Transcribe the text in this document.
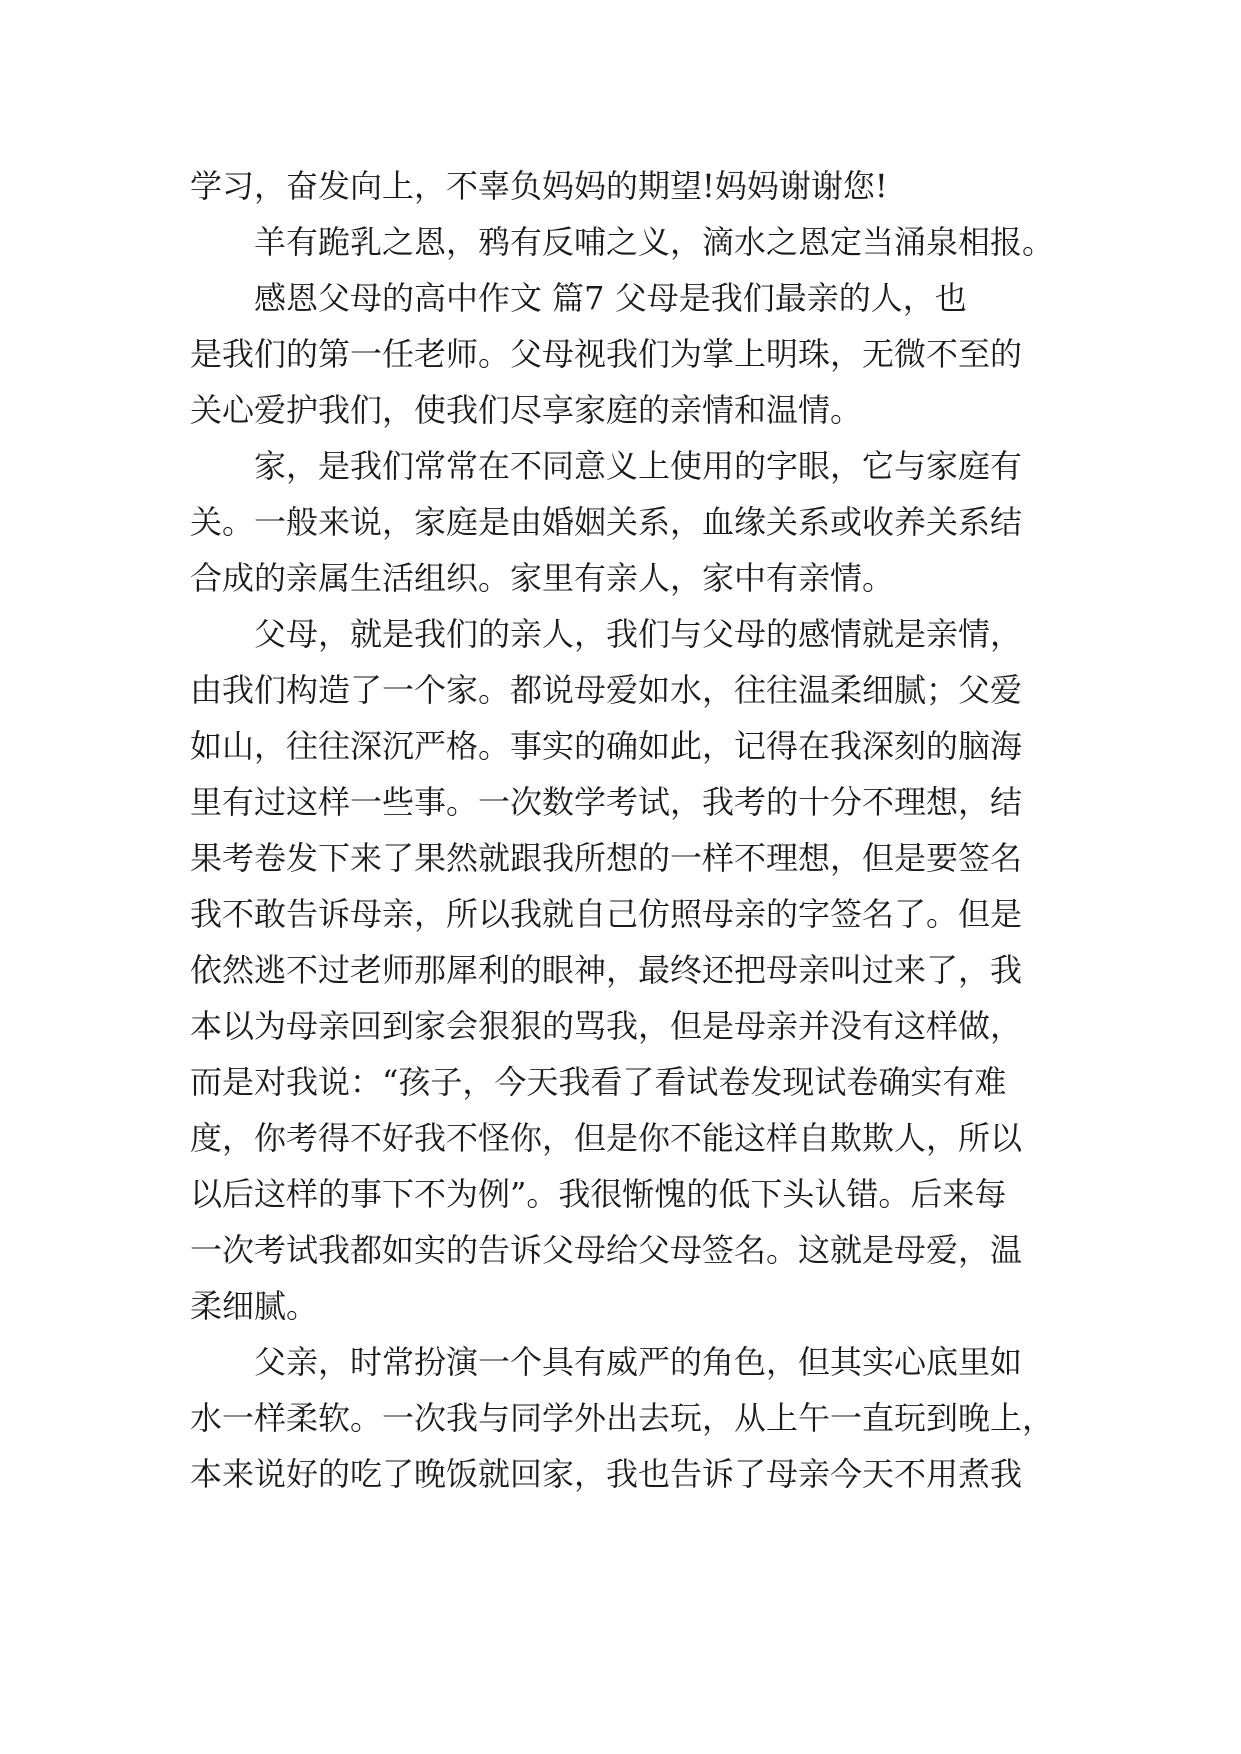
学习，奋发向上，不辜负妈妈的期望!妈妈谢谢您!
羊有跪乳之恩，鸦有反哺之义，滴水之恩定当涌泉相报。
感恩父母的高中作文 篇7 父母是我们最亲的人，也
是我们的第一任老师。父母视我们为掌上明珠，无微不至的
关心爱护我们，使我们尽享家庭的亲情和温情。
家，是我们常常在不同意义上使用的字眼，它与家庭有
关。一般来说，家庭是由婚姻关系，血缘关系或收养关系结
合成的亲属生活组织。家里有亲人，家中有亲情。
父母，就是我们的亲人，我们与父母的感情就是亲情，
由我们构造了一个家。都说母爱如水，往往温柔细腻；父爱
如山，往往深沉严格。事实的确如此，记得在我深刻的脑海
里有过这样一些事。一次数学考试，我考的十分不理想，结
果考卷发下来了果然就跟我所想的一样不理想，但是要签名
我不敢告诉母亲，所以我就自己仿照母亲的字签名了。但是
依然逃不过老师那犀利的眼神，最终还把母亲叫过来了，我
本以为母亲回到家会狠狠的骂我，但是母亲并没有这样做，
而是对我说：“孩子，今天我看了看试卷发现试卷确实有难
度，你考得不好我不怪你，但是你不能这样自欺欺人，所以
以后这样的事下不为例”。我很惭愧的低下头认错。后来每
一次考试我都如实的告诉父母给父母签名。这就是母爱，温
柔细腻。
父亲，时常扮演一个具有威严的角色，但其实心底里如
水一样柔软。一次我与同学外出去玩，从上午一直玩到晚上，
本来说好的吃了晚饭就回家，我也告诉了母亲今天不用煮我
